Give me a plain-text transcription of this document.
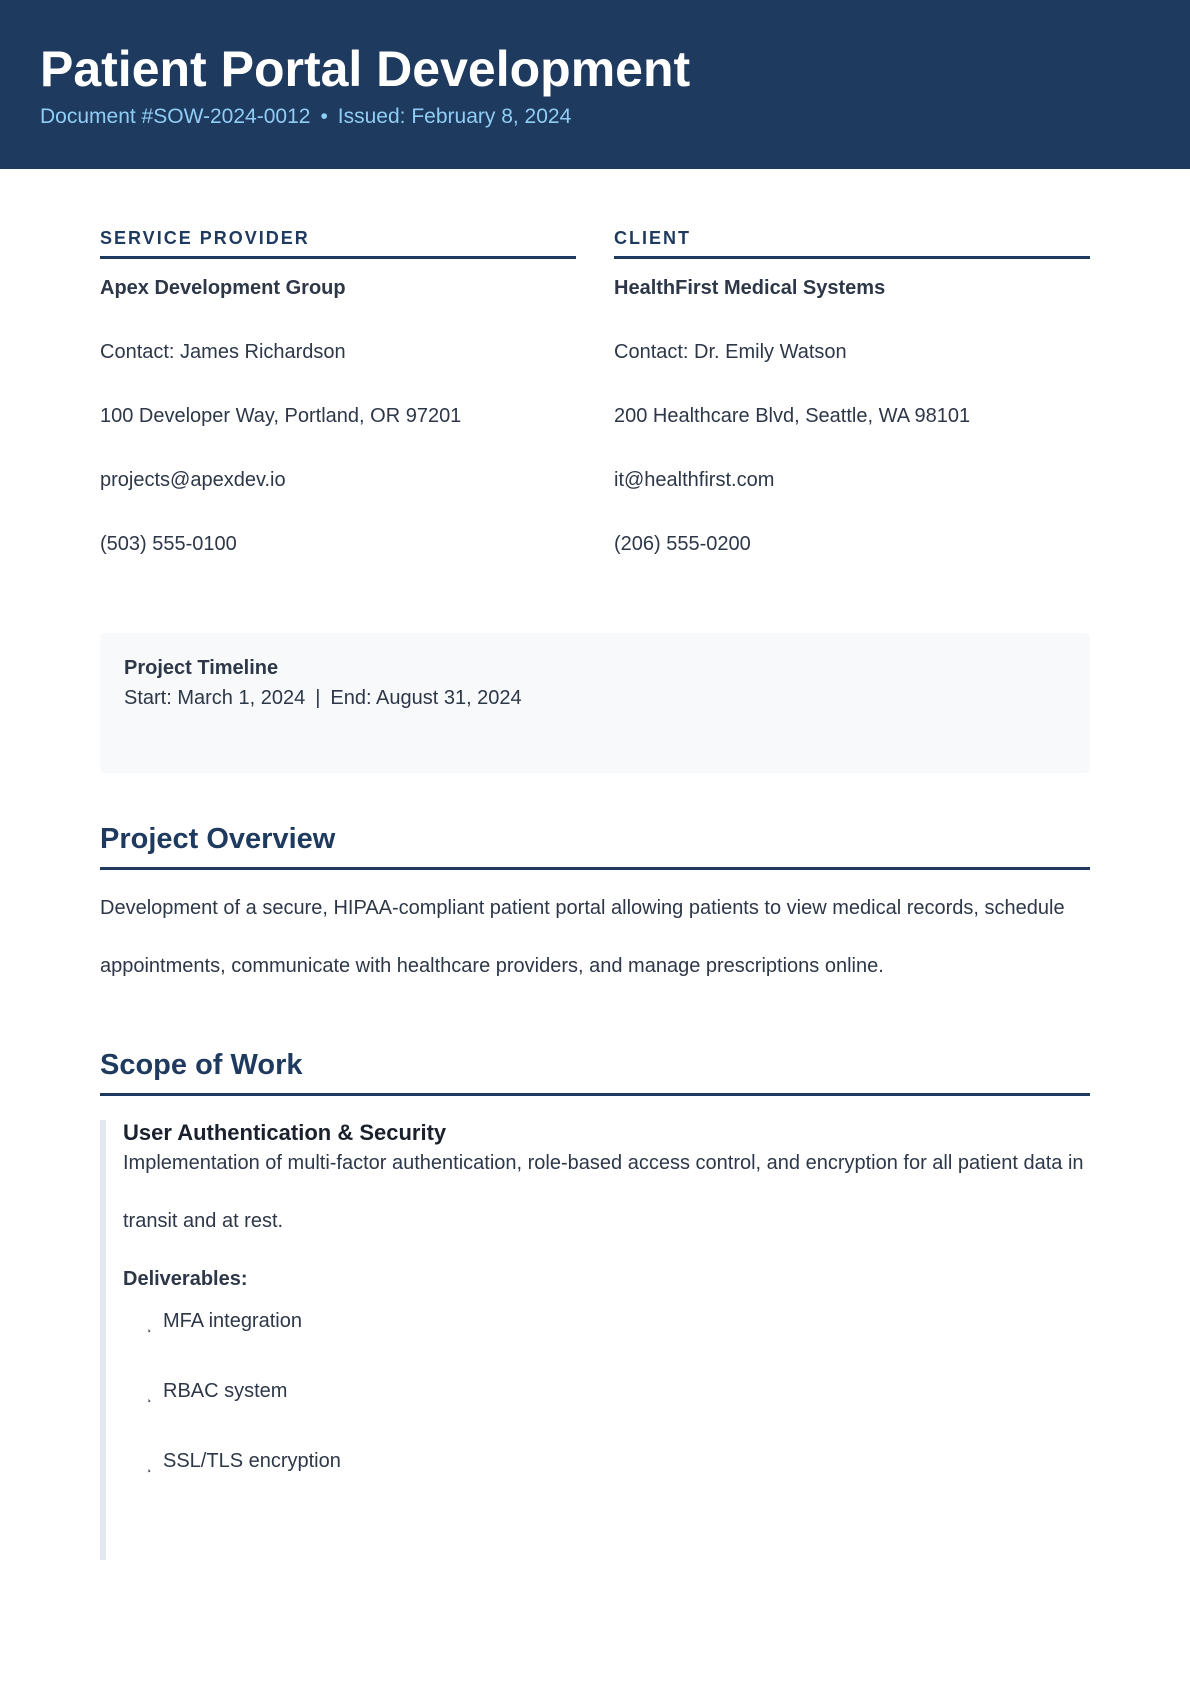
Patient Portal Development
Document #SOW-2024-0012 • Issued: February 8, 2024
SERVICE PROVIDER
Apex Development Group
Contact: James Richardson
100 Developer Way, Portland, OR 97201
projects@apexdev.io
(503) 555-0100
CLIENT
HealthFirst Medical Systems
Contact: Dr. Emily Watson
200 Healthcare Blvd, Seattle, WA 98101
it@healthfirst.com
(206) 555-0200
Project Timeline
Start: March 1, 2024 | End: August 31, 2024
Project Overview
Development of a secure, HIPAA-compliant patient portal allowing patients to view medical records, schedule appointments, communicate with healthcare providers, and manage prescriptions online.
Scope of Work
User Authentication & Security
Implementation of multi-factor authentication, role-based access control, and encryption for all patient data in transit and at rest.
Deliverables:
¸ MFA integration
¸ RBAC system
¸ SSL/TLS encryption
